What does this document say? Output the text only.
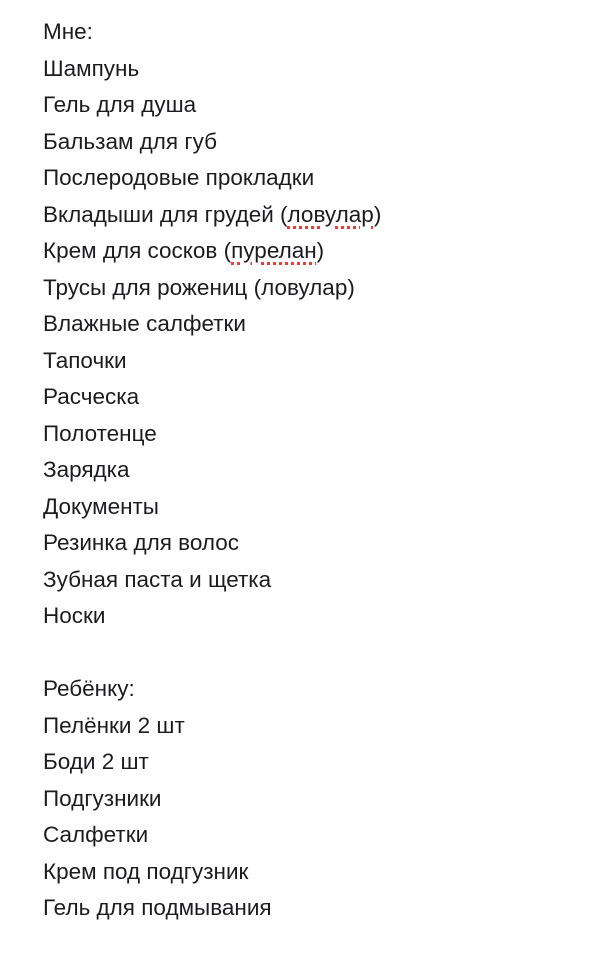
Мне:
Шампунь
Гель для душа
Бальзам для губ
Послеродовые прокладки
Вкладыши для грудей (ловулар)
Крем для сосков (пурелан)
Трусы для рожениц (ловулар)
Влажные салфетки
Тапочки
Расческа
Полотенце
Зарядка
Документы
Резинка для волос
Зубная паста и щетка
Носки
Ребёнку:
Пелёнки 2 шт
Боди 2 шт
Подгузники
Салфетки
Крем под подгузник
Гель для подмывания
